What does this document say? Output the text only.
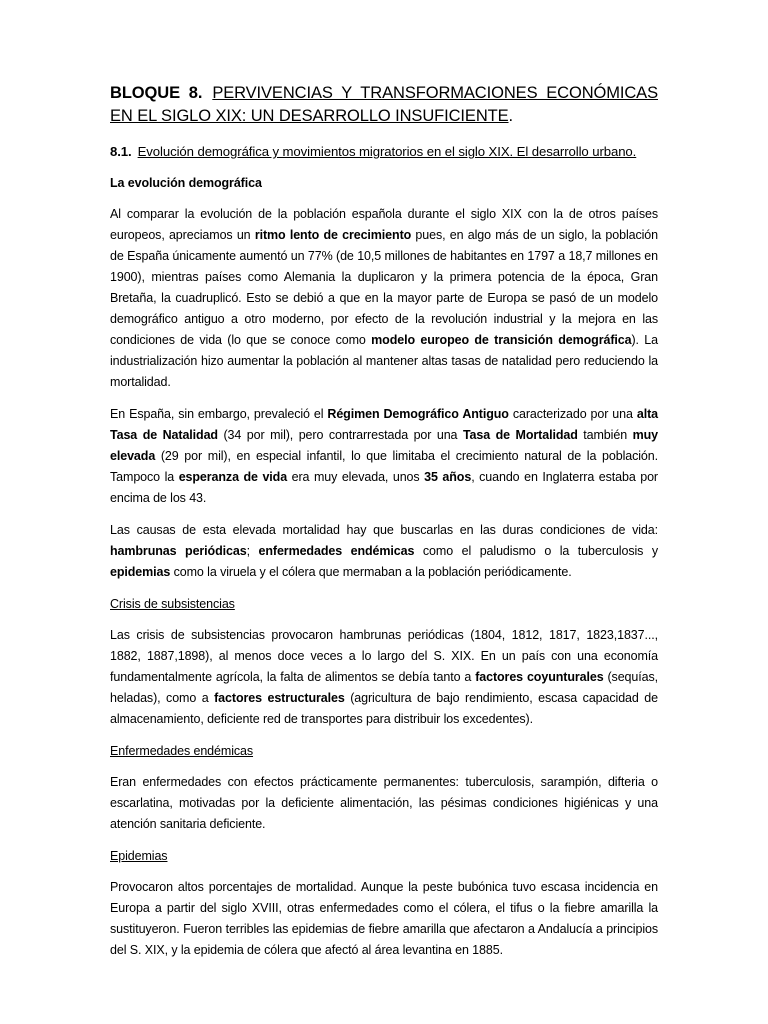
BLOQUE 8. PERVIVENCIAS Y TRANSFORMACIONES ECONÓMICAS EN EL SIGLO XIX: UN DESARROLLO INSUFICIENTE.
8.1. Evolución demográfica y movimientos migratorios en el siglo XIX. El desarrollo urbano.
La evolución demográfica

Al comparar la evolución de la población española durante el siglo XIX con la de otros países europeos, apreciamos un ritmo lento de crecimiento pues, en algo más de un siglo, la población de España únicamente aumentó un 77% (de 10,5 millones de habitantes en 1797 a 18,7 millones en 1900), mientras países como Alemania la duplicaron y la primera potencia de la época, Gran Bretaña, la cuadruplicó. Esto se debió a que en la mayor parte de Europa se pasó de un modelo demográfico antiguo a otro moderno, por efecto de la revolución industrial y la mejora en las condiciones de vida (lo que se conoce como modelo europeo de transición demográfica). La industrialización hizo aumentar la población al mantener altas tasas de natalidad pero reduciendo la mortalidad.

En España, sin embargo, prevaleció el Régimen Demográfico Antiguo caracterizado por una alta Tasa de Natalidad (34 por mil), pero contrarrestada por una Tasa de Mortalidad también muy elevada (29 por mil), en especial infantil, lo que limitaba el crecimiento natural de la población. Tampoco la esperanza de vida era muy elevada, unos 35 años, cuando en Inglaterra estaba por encima de los 43.

Las causas de esta elevada mortalidad hay que buscarlas en las duras condiciones de vida: hambrunas periódicas; enfermedades endémicas como el paludismo o la tuberculosis y epidemias como la viruela y el cólera que mermaban a la población periódicamente.

Crisis de subsistencias

Las crisis de subsistencias provocaron hambrunas periódicas (1804, 1812, 1817, 1823,1837..., 1882, 1887,1898), al menos doce veces a lo largo del S. XIX. En un país con una economía fundamentalmente agrícola, la falta de alimentos se debía tanto a factores coyunturales (sequías, heladas), como a factores estructurales (agricultura de bajo rendimiento, escasa capacidad de almacenamiento, deficiente red de transportes para distribuir los excedentes).

Enfermedades endémicas

Eran enfermedades con efectos prácticamente permanentes: tuberculosis, sarampión, difteria o escarlatina, motivadas por la deficiente alimentación, las pésimas condiciones higiénicas y una atención sanitaria deficiente.

Epidemias

Provocaron altos porcentajes de mortalidad. Aunque la peste bubónica tuvo escasa incidencia en Europa a partir del siglo XVIII, otras enfermedades como el cólera, el tifus o la fiebre amarilla la sustituyeron. Fueron terribles las epidemias de fiebre amarilla que afectaron a Andalucía a principios del S. XIX, y la epidemia de cólera que afectó al área levantina en 1885.
